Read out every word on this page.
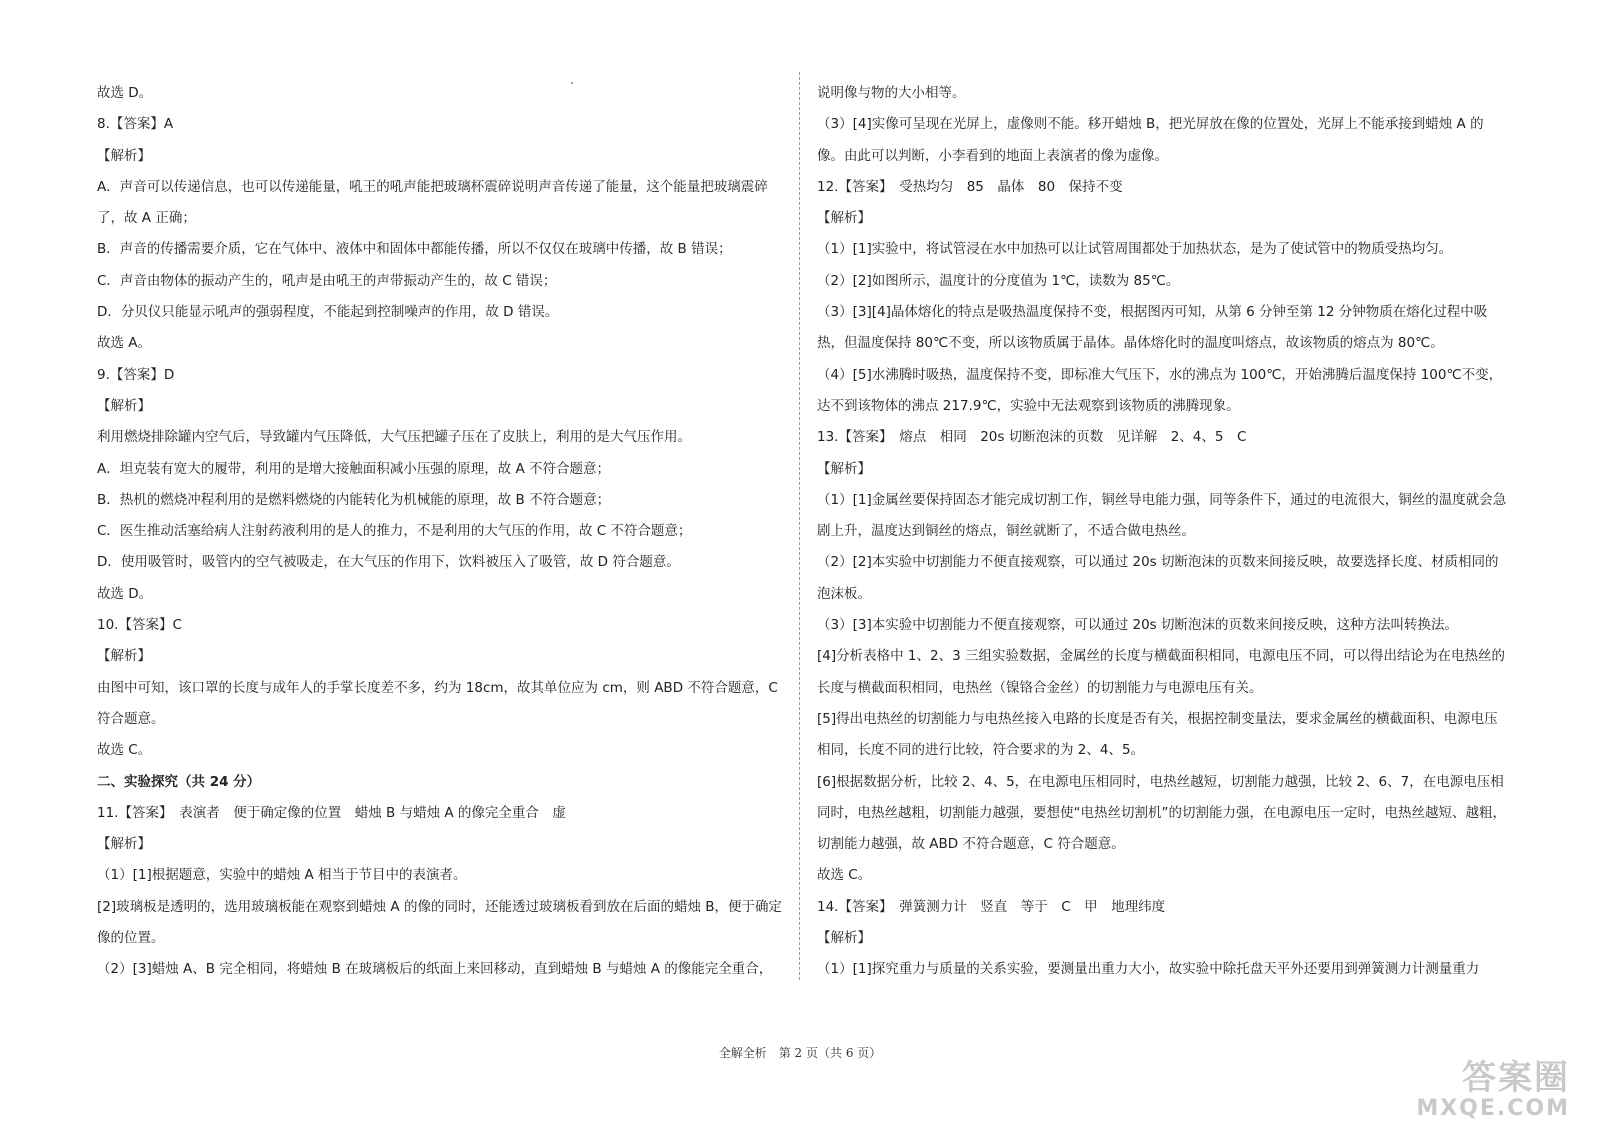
故选 D。

8.【答案】A

【解析】

A．声音可以传递信息，也可以传递能量，吼王的吼声能把玻璃杯震碎说明声音传递了能量，这个能量把玻璃震碎了，故 A 正确；

B．声音的传播需要介质，它在气体中、液体中和固体中都能传播，所以不仅仅在玻璃中传播，故 B 错误；

C．声音由物体的振动产生的，吼声是由吼王的声带振动产生的，故 C 错误；

D．分贝仪只能显示吼声的强弱程度，不能起到控制噪声的作用，故 D 错误。

故选 A。

9.【答案】D

【解析】

利用燃烧排除罐内空气后，导致罐内气压降低，大气压把罐子压在了皮肤上，利用的是大气压作用。

A．坦克装有宽大的履带，利用的是增大接触面积减小压强的原理，故 A 不符合题意；

B．热机的燃烧冲程利用的是燃料燃烧的内能转化为机械能的原理，故 B 不符合题意；

C．医生推动活塞给病人注射药液利用的是人的推力，不是利用的大气压的作用，故 C 不符合题意；

D．使用吸管时，吸管内的空气被吸走，在大气压的作用下，饮料被压入了吸管，故 D 符合题意。

故选 D。

10.【答案】C

【解析】

由图中可知，该口罩的长度与成年人的手掌长度差不多，约为 18cm，故其单位应为 cm，则 ABD 不符合题意，C 符合题意。

故选 C。

二、实验探究（共 24 分）

11.【答案】　表演者　便于确定像的位置　蜡烛 B 与蜡烛 A 的像完全重合　虚

【解析】

（1）[1]根据题意，实验中的蜡烛 A 相当于节目中的表演者。

[2]玻璃板是透明的，选用玻璃板能在观察到蜡烛 A 的像的同时，还能透过玻璃板看到放在后面的蜡烛 B，便于确定像的位置。

（2）[3]蜡烛 A、B 完全相同，将蜡烛 B 在玻璃板后的纸面上来回移动，直到蜡烛 B 与蜡烛 A 的像能完全重合，

说明像与物的大小相等。

（3）[4]实像可呈现在光屏上，虚像则不能。移开蜡烛 B，把光屏放在像的位置处，光屏上不能承接到蜡烛 A 的像。由此可以判断，小李看到的地面上表演者的像为虚像。

12.【答案】　受热均匀　85　晶体　80　保持不变

【解析】

（1）[1]实验中，将试管浸在水中加热可以让试管周围都处于加热状态，是为了使试管中的物质受热均匀。

（2）[2]如图所示，温度计的分度值为 1℃，读数为 85℃。

（3）[3][4]晶体熔化的特点是吸热温度保持不变，根据图丙可知，从第 6 分钟至第 12 分钟物质在熔化过程中吸热，但温度保持 80℃不变，所以该物质属于晶体。晶体熔化时的温度叫熔点，故该物质的熔点为 80℃。

（4）[5]水沸腾时吸热，温度保持不变，即标准大气压下，水的沸点为 100℃，开始沸腾后温度保持 100℃不变，达不到该物体的沸点 217.9℃，实验中无法观察到该物质的沸腾现象。

13.【答案】　熔点　相同　20s 切断泡沫的页数　见详解　2、4、5　C

【解析】

（1）[1]金属丝要保持固态才能完成切割工作，铜丝导电能力强，同等条件下，通过的电流很大，铜丝的温度就会急剧上升，温度达到铜丝的熔点，铜丝就断了，不适合做电热丝。

（2）[2]本实验中切割能力不便直接观察，可以通过 20s 切断泡沫的页数来间接反映，故要选择长度、材质相同的泡沫板。

（3）[3]本实验中切割能力不便直接观察，可以通过 20s 切断泡沫的页数来间接反映，这种方法叫转换法。

[4]分析表格中 1、2、3 三组实验数据，金属丝的长度与横截面积相同，电源电压不同，可以得出结论为在电热丝的长度与横截面积相同，电热丝（镍铬合金丝）的切割能力与电源电压有关。

[5]得出电热丝的切割能力与电热丝接入电路的长度是否有关，根据控制变量法，要求金属丝的横截面积、电源电压相同，长度不同的进行比较，符合要求的为 2、4、5。

[6]根据数据分析，比较 2、4、5，在电源电压相同时，电热丝越短，切割能力越强，比较 2、6、7，在电源电压相同时，电热丝越粗，切割能力越强，要想使“电热丝切割机”的切割能力强，在电源电压一定时，电热丝越短、越粗，切割能力越强，故 ABD 不符合题意，C 符合题意。

故选 C。

14.【答案】　弹簧测力计　竖直　等于　C　甲　地理纬度

【解析】

（1）[1]探究重力与质量的关系实验，要测量出重力大小，故实验中除托盘天平外还要用到弹簧测力计测量重力

全解全析　第 2 页（共 6 页）
答案圈
MXQE.COM
